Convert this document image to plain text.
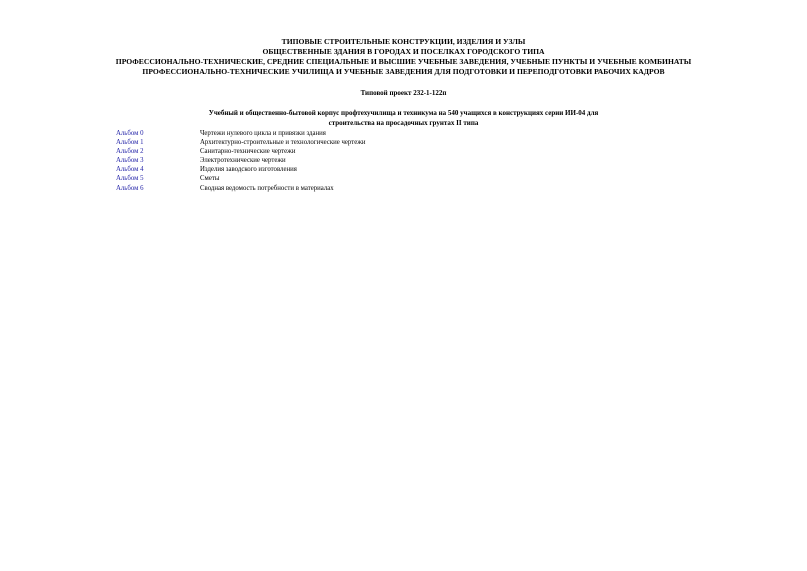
ТИПОВЫЕ СТРОИТЕЛЬНЫЕ КОНСТРУКЦИИ, ИЗДЕЛИЯ И УЗЛЫ
ОБЩЕСТВЕННЫЕ ЗДАНИЯ В ГОРОДАХ И ПОСЕЛКАХ ГОРОДСКОГО ТИПА
ПРОФЕССИОНАЛЬНО-ТЕХНИЧЕСКИЕ, СРЕДНИЕ СПЕЦИАЛЬНЫЕ И ВЫСШИЕ УЧЕБНЫЕ ЗАВЕДЕНИЯ, УЧЕБНЫЕ ПУНКТЫ И УЧЕБНЫЕ КОМБИНАТЫ
ПРОФЕССИОНАЛЬНО-ТЕХНИЧЕСКИЕ УЧИЛИЩА И УЧЕБНЫЕ ЗАВЕДЕНИЯ ДЛЯ ПОДГОТОВКИ И ПЕРЕПОДГОТОВКИ РАБОЧИХ КАДРОВ
Типовой проект 232-1-122п
Учебный и общественно-бытовой корпус профтехучилища и техникума на 540 учащихся в конструкциях серии ИИ-04 для
строительства на просадочных грунтах II типа
Альбом 0	Чертежи нулевого цикла и привязки здания
Альбом 1	Архитектурно-строительные и технологические чертежи
Альбом 2	Санитарно-технические чертежи
Альбом 3	Электротехнические чертежи
Альбом 4	Изделия заводского изготовления
Альбом 5	Сметы
Альбом 6	Сводная ведомость потребности в материалах
